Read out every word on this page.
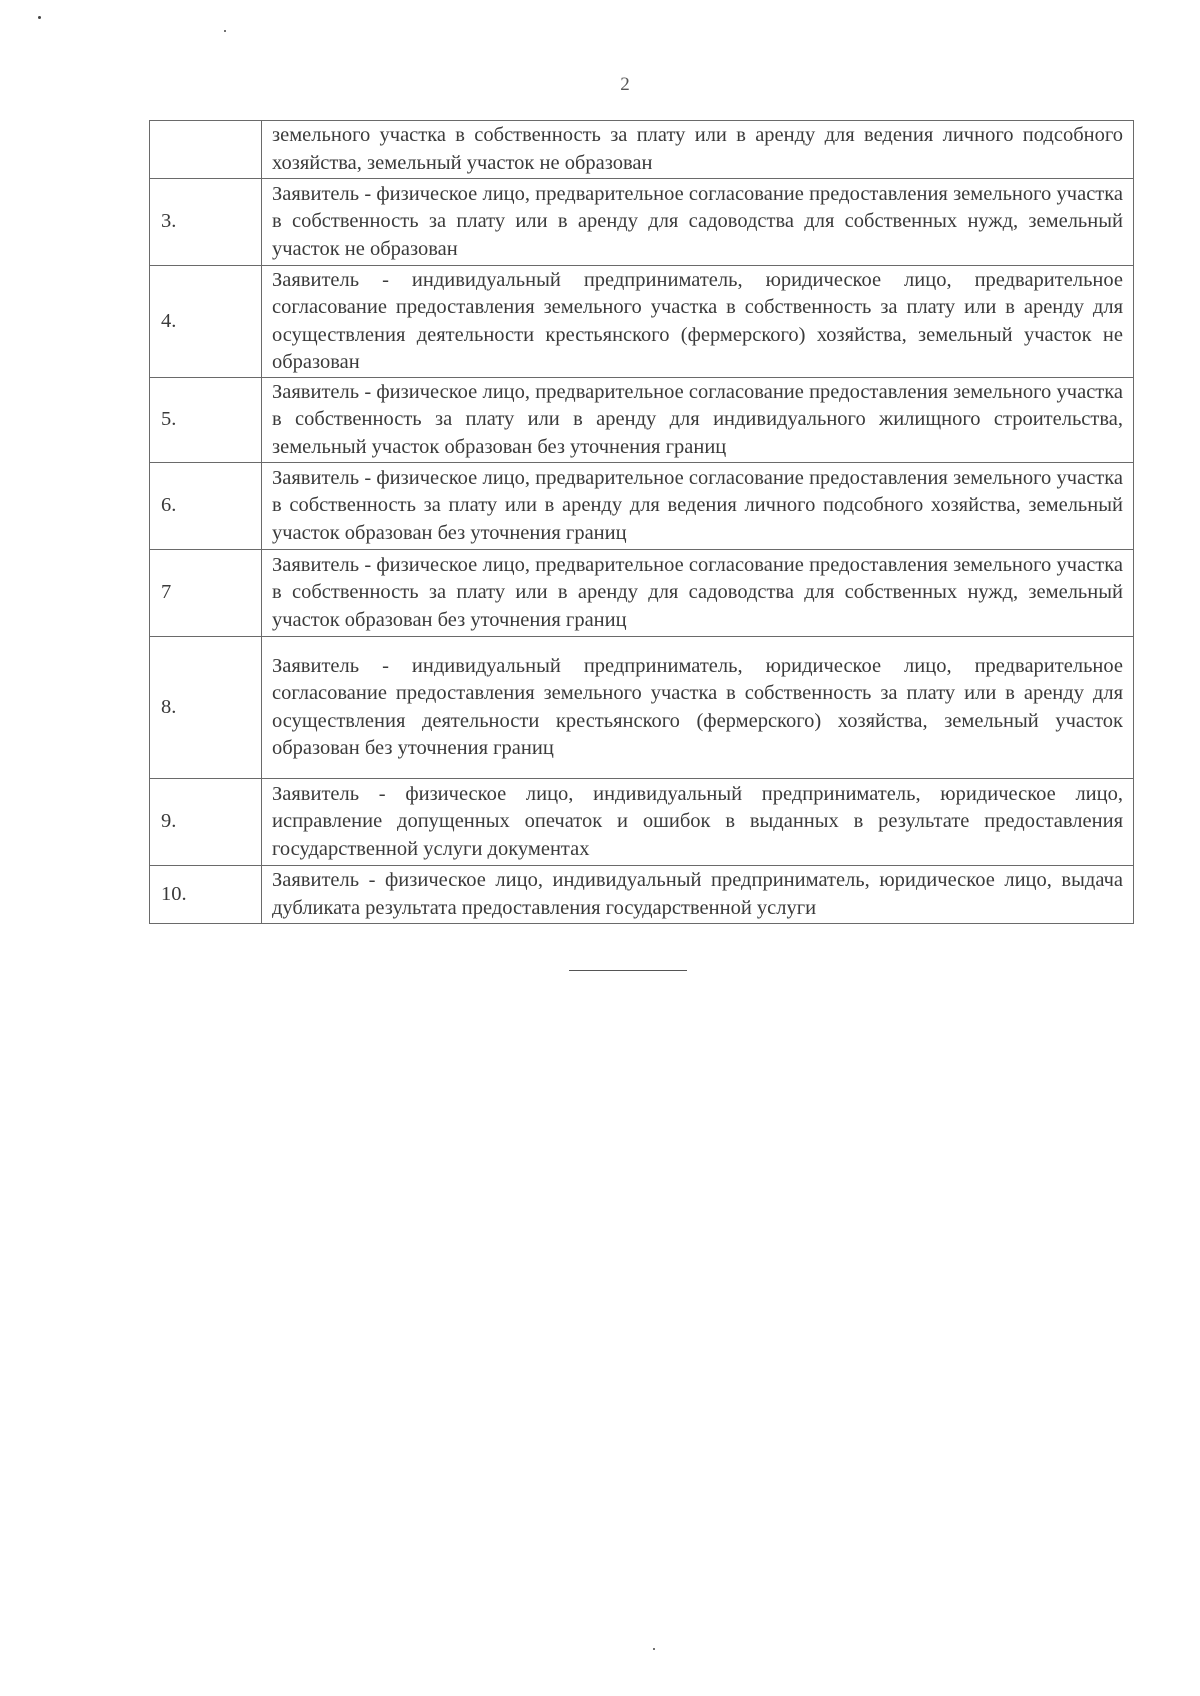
2
	земельного участка в собственность за плату или в аренду для ведения личного подсобного хозяйства, земельный участок не образован
3.	Заявитель - физическое лицо, предварительное согласование предоставления земельного участка в собственность за плату или в аренду для садоводства для собственных нужд, земельный участок не образован
4.	Заявитель - индивидуальный предприниматель, юридическое лицо, предварительное согласование предоставления земельного участка в собственность за плату или в аренду для осуществления деятельности крестьянского (фермерского) хозяйства, земельный участок не образован
5.	Заявитель - физическое лицо, предварительное согласование предоставления земельного участка в собственность за плату или в аренду для индивидуального жилищного строительства, земельный участок образован без уточнения границ
6.	Заявитель - физическое лицо, предварительное согласование предоставления земельного участка в собственность за плату или в аренду для ведения личного подсобного хозяйства, земельный участок образован без уточнения границ
7	Заявитель - физическое лицо, предварительное согласование предоставления земельного участка в собственность за плату или в аренду для садоводства для собственных нужд, земельный участок образован без уточнения границ
8.	Заявитель - индивидуальный предприниматель, юридическое лицо, предварительное согласование предоставления земельного участка в собственность за плату или в аренду для осуществления деятельности крестьянского (фермерского) хозяйства, земельный участок образован без уточнения границ
9.	Заявитель - физическое лицо, индивидуальный предприниматель, юридическое лицо, исправление допущенных опечаток и ошибок в выданных в результате предоставления государственной услуги документах
10.	Заявитель - физическое лицо, индивидуальный предприниматель, юридическое лицо, выдача дубликата результата предоставления государственной услуги
